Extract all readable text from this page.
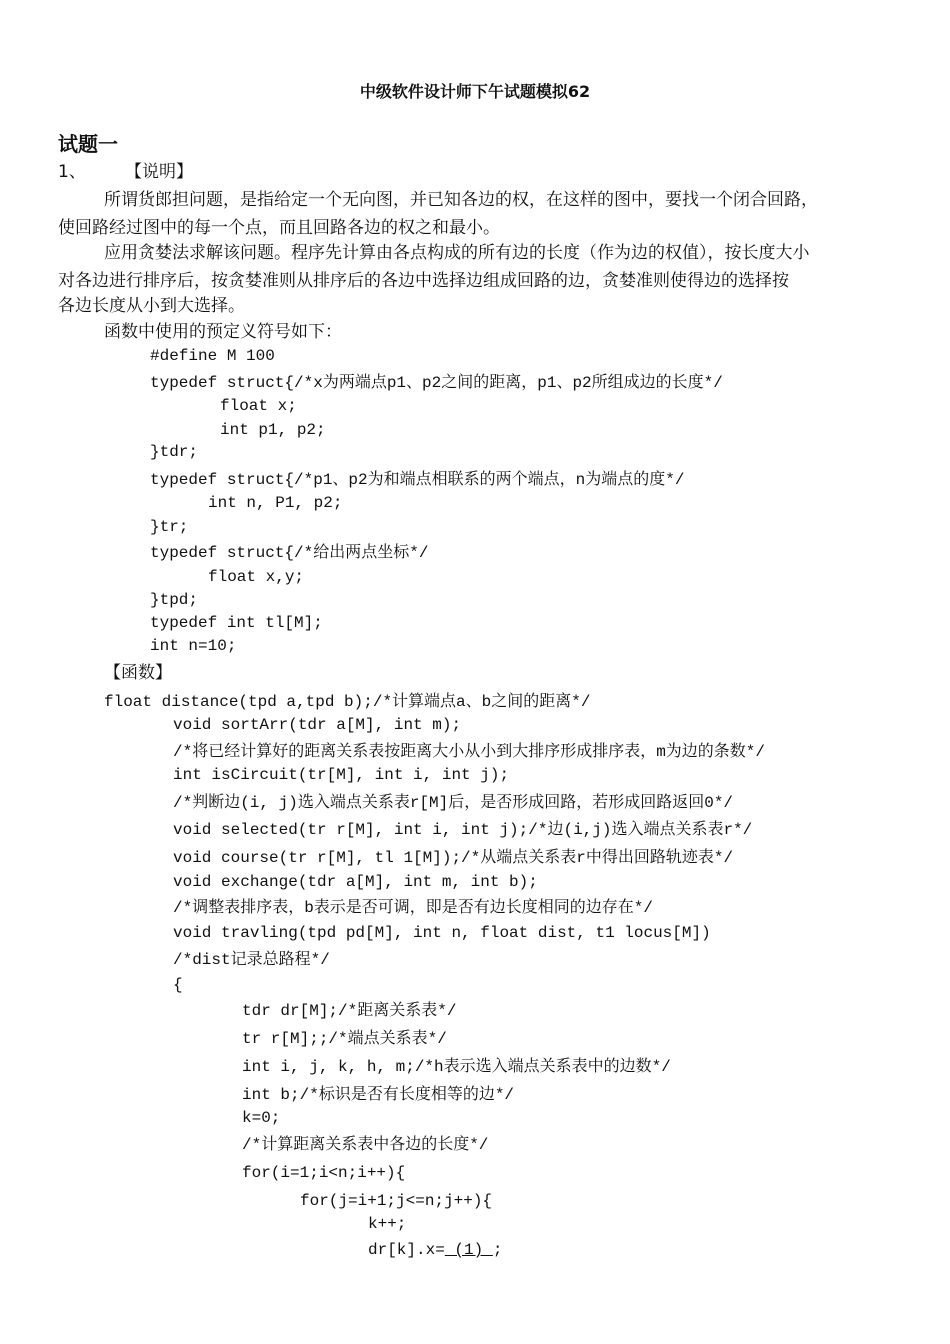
中级软件设计师下午试题模拟62
试题一
1、 【说明】
所谓货郎担问题，是指给定一个无向图，并已知各边的权，在这样的图中，要找一个闭合回路，
使回路经过图中的每一个点，而且回路各边的权之和最小。
应用贪婪法求解该问题。程序先计算由各点构成的所有边的长度（作为边的权值），按长度大小
对各边进行排序后，按贪婪准则从排序后的各边中选择边组成回路的边，贪婪准则使得边的选择按
各边长度从小到大选择。
函数中使用的预定义符号如下：
#define M 100
typedef struct{/*x为两端点p1、p2之间的距离，p1、p2所组成边的长度*/
float x;
int p1, p2;
}tdr;
typedef struct{/*p1、p2为和端点相联系的两个端点，n为端点的度*/
int n, P1, p2;
}tr;
typedef struct{/*给出两点坐标*/
float x,y;
}tpd;
typedef int tl[M];
int n=10;
【函数】
float distance(tpd a,tpd b);/*计算端点a、b之间的距离*/
void sortArr(tdr a[M], int m);
/*将已经计算好的距离关系表按距离大小从小到大排序形成排序表，m为边的条数*/
int isCircuit(tr[M], int i, int j);
/*判断边(i, j)选入端点关系表r[M]后，是否形成回路，若形成回路返回0*/
void selected(tr r[M], int i, int j);/*边(i,j)选入端点关系表r*/
void course(tr r[M], tl 1[M]);/*从端点关系表r中得出回路轨迹表*/
void exchange(tdr a[M], int m, int b);
/*调整表排序表，b表示是否可调，即是否有边长度相同的边存在*/
void travling(tpd pd[M], int n, float dist, t1 locus[M])
/*dist记录总路程*/
{
tdr dr[M];/*距离关系表*/
tr r[M];;/*端点关系表*/
int i, j, k, h, m;/*h表示选入端点关系表中的边数*/
int b;/*标识是否有长度相等的边*/
k=0;
/*计算距离关系表中各边的长度*/
for(i=1;i<n;i++){
for(j=i+1;j<=n;j++){
k++;
dr[k].x= (1) ;
